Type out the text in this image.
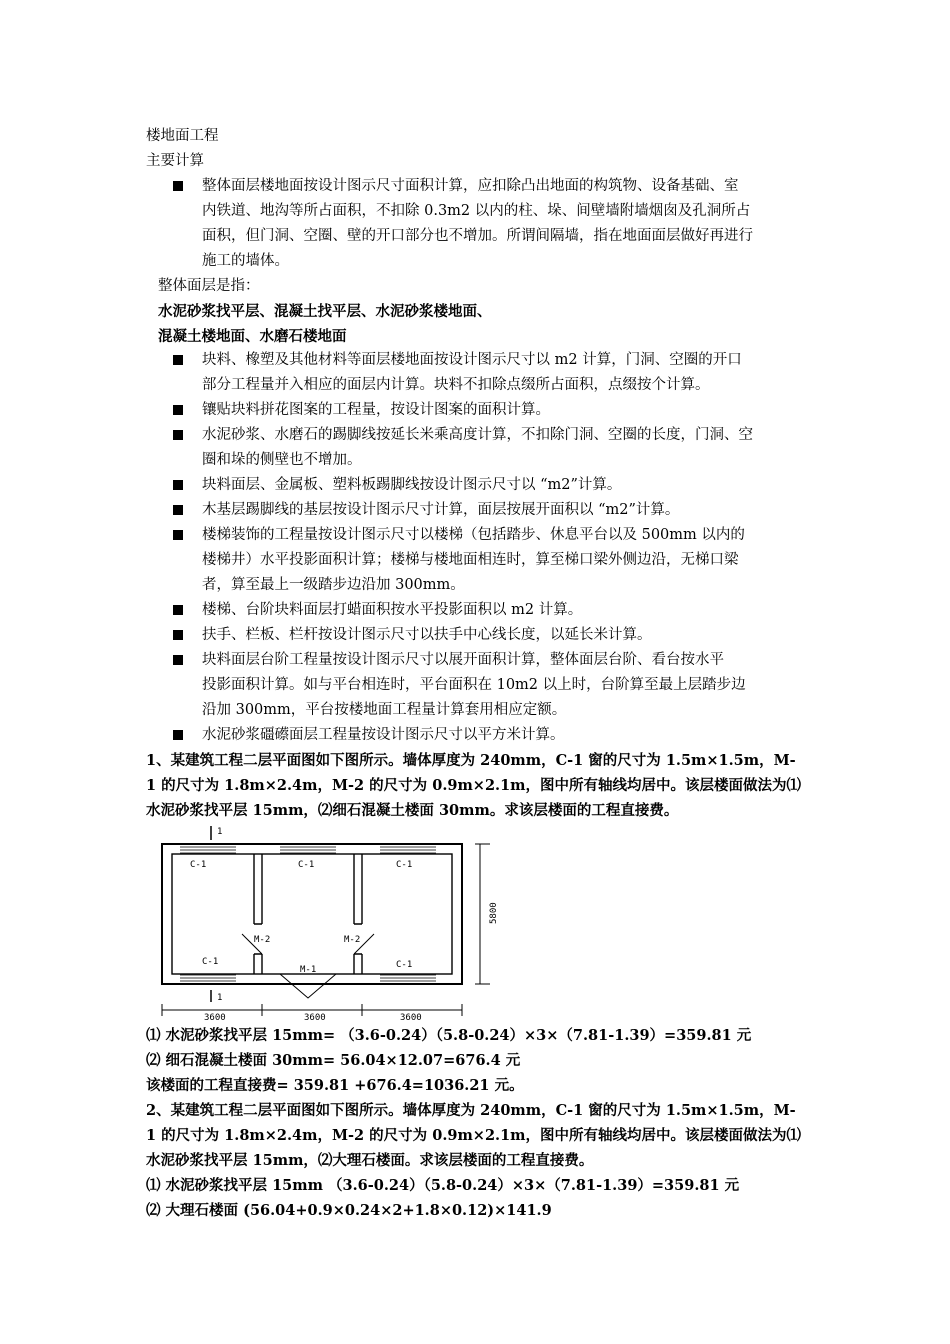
楼地面工程
主要计算
整体面层楼地面按设计图示尺寸面积计算，应扣除凸出地面的构筑物、设备基础、室
内铁道、地沟等所占面积，不扣除 0.3m2 以内的柱、垛、间壁墙附墙烟囱及孔洞所占
面积，但门洞、空圈、壁的开口部分也不增加。所谓间隔墙，指在地面面层做好再进行
施工的墙体。
整体面层是指：
水泥砂浆找平层、混凝土找平层、水泥砂浆楼地面、
混凝土楼地面、水磨石楼地面
块料、橡塑及其他材料等面层楼地面按设计图示尺寸以 m2 计算，门洞、空圈的开口
部分工程量并入相应的面层内计算。块料不扣除点缀所占面积，点缀按个计算。
镶贴块料拼花图案的工程量，按设计图案的面积计算。
水泥砂浆、水磨石的踢脚线按延长米乘高度计算，不扣除门洞、空圈的长度，门洞、空
圈和垛的侧壁也不增加。
块料面层、金属板、塑料板踢脚线按设计图示尺寸以 “m2”计算。
木基层踢脚线的基层按设计图示尺寸计算，面层按展开面积以 “m2”计算。
楼梯装饰的工程量按设计图示尺寸以楼梯（包括踏步、休息平台以及 500mm 以内的
楼梯井）水平投影面积计算；楼梯与楼地面相连时，算至梯口梁外侧边沿，无梯口梁
者，算至最上一级踏步边沿加 300mm。
楼梯、台阶块料面层打蜡面积按水平投影面积以 m2 计算。
扶手、栏板、栏杆按设计图示尺寸以扶手中心线长度，以延长米计算。
块料面层台阶工程量按设计图示尺寸以展开面积计算，整体面层台阶、看台按水平
投影面积计算。如与平台相连时，平台面积在 10m2 以上时，台阶算至最上层踏步边
沿加 300mm，平台按楼地面工程量计算套用相应定额。
水泥砂浆礓礤面层工程量按设计图示尺寸以平方米计算。
1、某建筑工程二层平面图如下图所示。墙体厚度为 240mm，C-1 窗的尺寸为 1.5m×1.5m，M-
1 的尺寸为 1.8m×2.4m，M-2 的尺寸为 0.9m×2.1m，图中所有轴线均居中。该层楼面做法为⑴
水泥砂浆找平层 15mm，⑵细石混凝土楼面 30mm。求该层楼面的工程直接费。
C-1	C-1	C-1
C-1	C-1
M-2	M-2
M-1
1
1
3600	3600	3600
5800
⑴ 水泥砂浆找平层 15mm= （3.6-0.24）（5.8-0.24）×3×（7.81-1.39）=359.81 元
⑵ 细石混凝土楼面 30mm= 56.04×12.07=676.4 元
该楼面的工程直接费= 359.81 +676.4=1036.21 元。
2、某建筑工程二层平面图如下图所示。墙体厚度为 240mm，C-1 窗的尺寸为 1.5m×1.5m，M-
1 的尺寸为 1.8m×2.4m，M-2 的尺寸为 0.9m×2.1m，图中所有轴线均居中。该层楼面做法为⑴
水泥砂浆找平层 15mm，⑵大理石楼面。求该层楼面的工程直接费。
⑴ 水泥砂浆找平层 15mm （3.6-0.24）（5.8-0.24）×3×（7.81-1.39）=359.81 元
⑵ 大理石楼面 (56.04+0.9×0.24×2+1.8×0.12)×141.9
